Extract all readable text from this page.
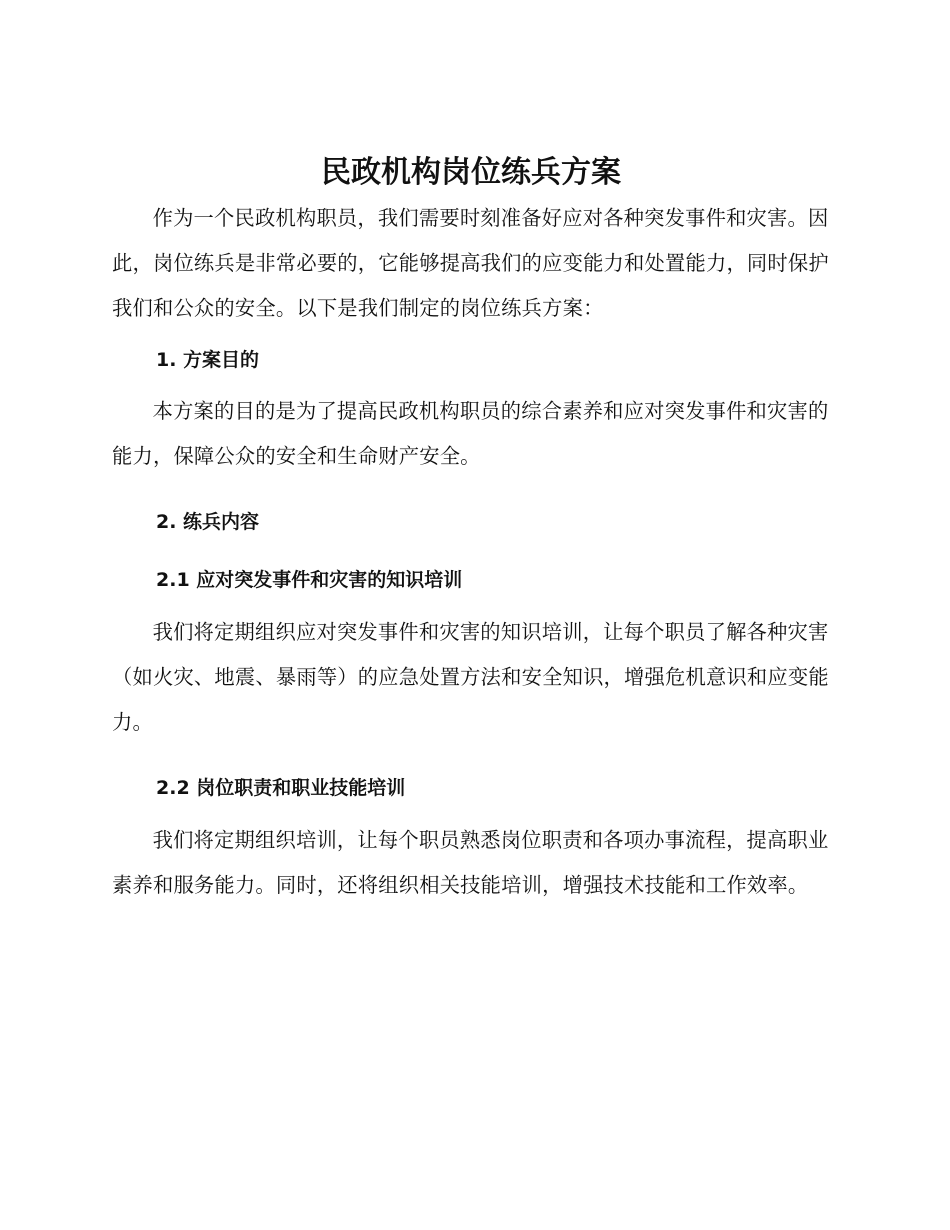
民政机构岗位练兵方案

作为一个民政机构职员，我们需要时刻准备好应对各种突发事件和灾害。因此，岗位练兵是非常必要的，它能够提高我们的应变能力和处置能力，同时保护我们和公众的安全。以下是我们制定的岗位练兵方案：

1. 方案目的

本方案的目的是为了提高民政机构职员的综合素养和应对突发事件和灾害的能力，保障公众的安全和生命财产安全。

2. 练兵内容
2.1 应对突发事件和灾害的知识培训

我们将定期组织应对突发事件和灾害的知识培训，让每个职员了解各种灾害（如火灾、地震、暴雨等）的应急处置方法和安全知识，增强危机意识和应变能力。

2.2 岗位职责和职业技能培训

我们将定期组织培训，让每个职员熟悉岗位职责和各项办事流程，提高职业素养和服务能力。同时，还将组织相关技能培训，增强技术技能和工作效率。
